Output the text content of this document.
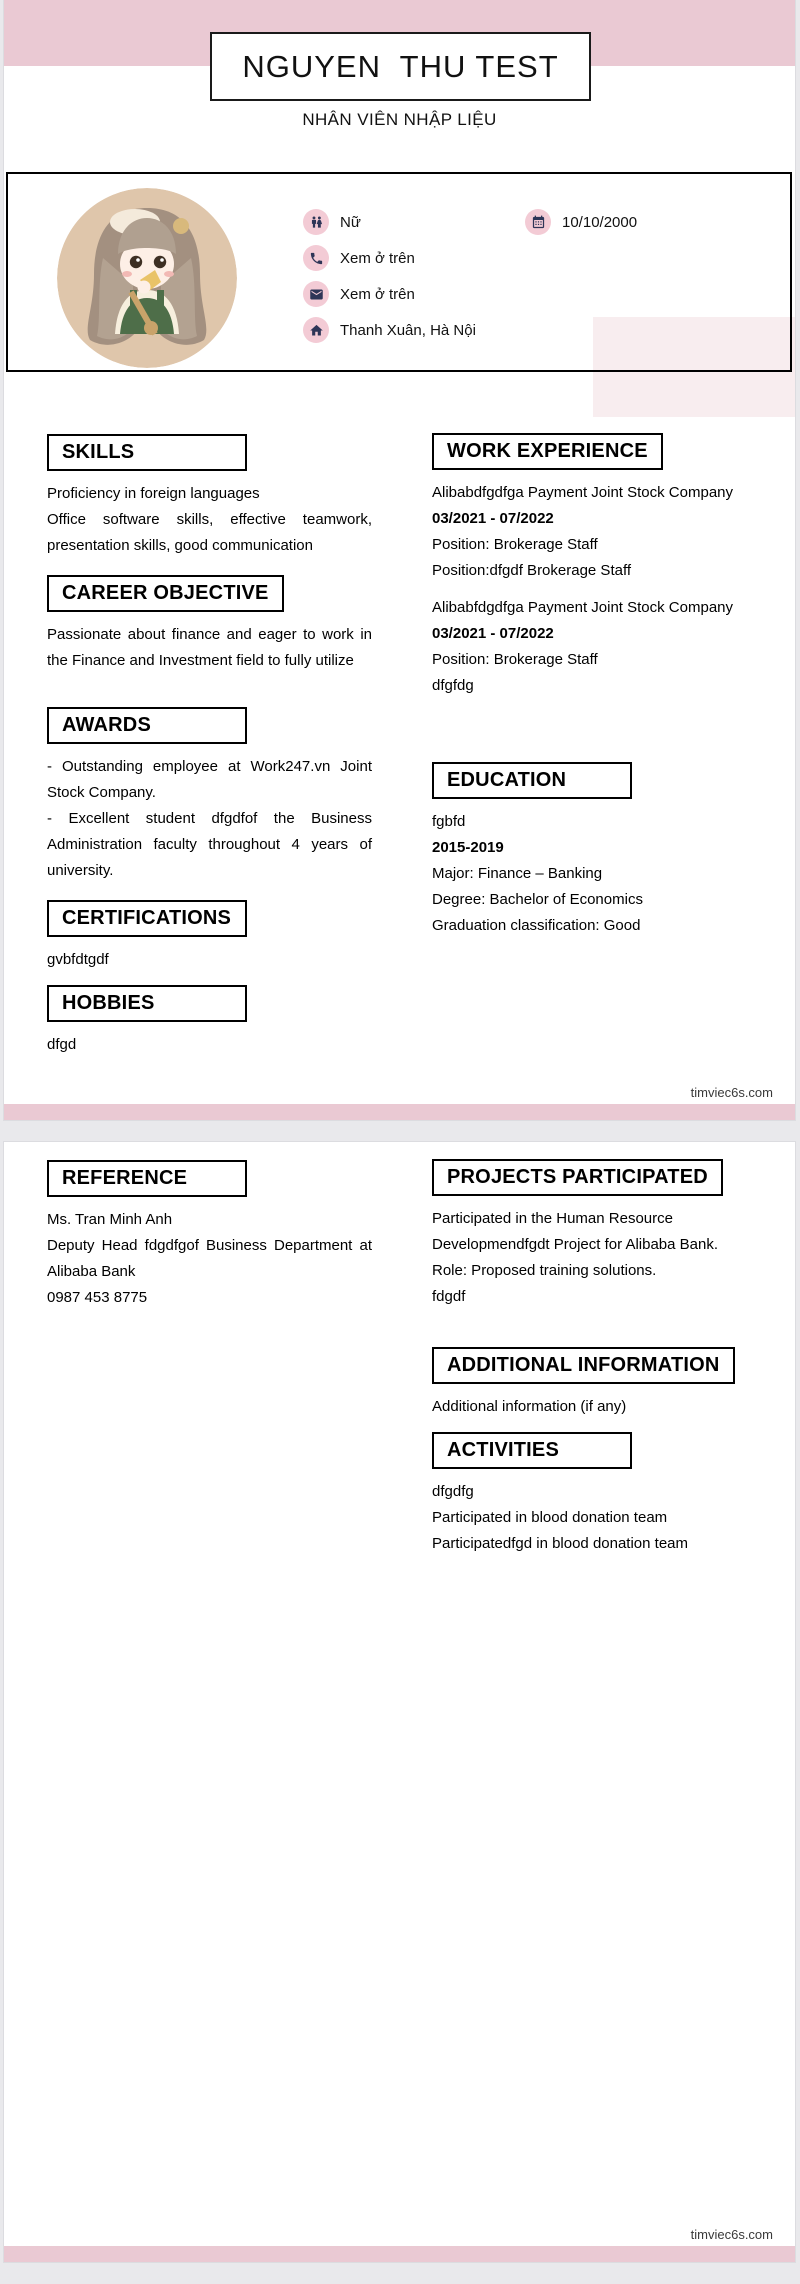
NGUYEN  THU TEST
NHÂN VIÊN NHẬP LIỆU
Nữ
Xem ở trên
Xem ở trên
Thanh Xuân, Hà Nội
10/10/2000
SKILLS

Proficiency in foreign languages

Office software skills, effective teamwork, presentation skills, good communication

CAREER OBJECTIVE

Passionate about finance and eager to work in the Finance and Investment field to fully utilize

AWARDS

- Outstanding employee at Work247.vn Joint Stock Company.

- Excellent student dfgdfof the Business Administration faculty throughout 4 years of university.

CERTIFICATIONS

gvbfdtgdf

HOBBIES

dfgd

WORK EXPERIENCE

Alibabdfgdfga Payment Joint Stock Company

03/2021 - 07/2022

Position: Brokerage Staff

Position:dfgdf Brokerage Staff

Alibabfdgdfga Payment Joint Stock Company

03/2021 - 07/2022

Position: Brokerage Staff

dfgfdg

EDUCATION

fgbfd

2015-2019

Major: Finance – Banking

Degree: Bachelor of Economics

Graduation classification: Good

timviec6s.com
REFERENCE

Ms. Tran Minh Anh

Deputy Head fdgdfgof Business Department at Alibaba Bank

0987 453 8775

PROJECTS PARTICIPATED

Participated in the Human Resource Developmendfgdt Project for Alibaba Bank.

Role: Proposed training solutions.

fdgdf

ADDITIONAL INFORMATION

Additional information (if any)

ACTIVITIES

dfgdfg

Participated in blood donation team

Participatedfgd in blood donation team

timviec6s.com
